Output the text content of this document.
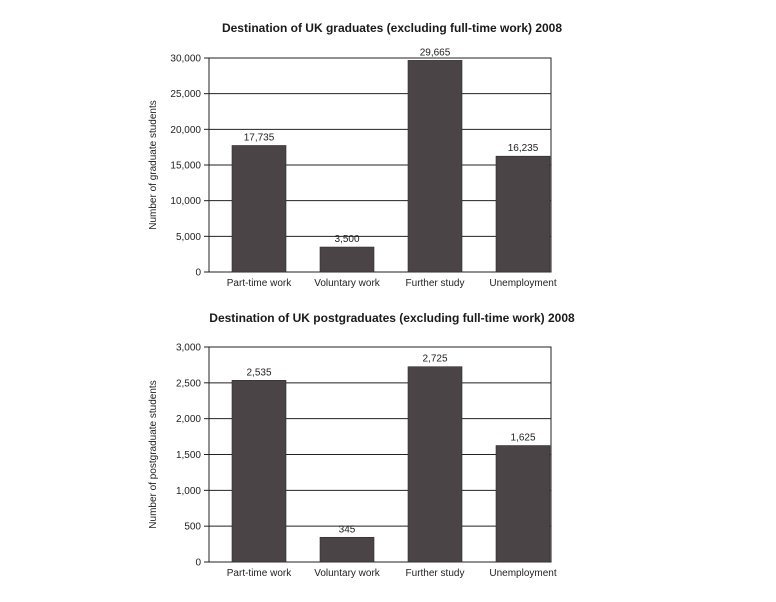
Destination of UK graduates (excluding full-time work) 2008
0
5,000
10,000
15,000
20,000
25,000
30,000
17,735
Part-time work
3,500
Voluntary work
29,665
Further study
16,235
Unemployment
Number of graduate students
Destination of UK postgraduates (excluding full-time work) 2008
0
500
1,000
1,500
2,000
2,500
3,000
2,535
Part-time work
345
Voluntary work
2,725
Further study
1,625
Unemployment
Number of postgraduate students
